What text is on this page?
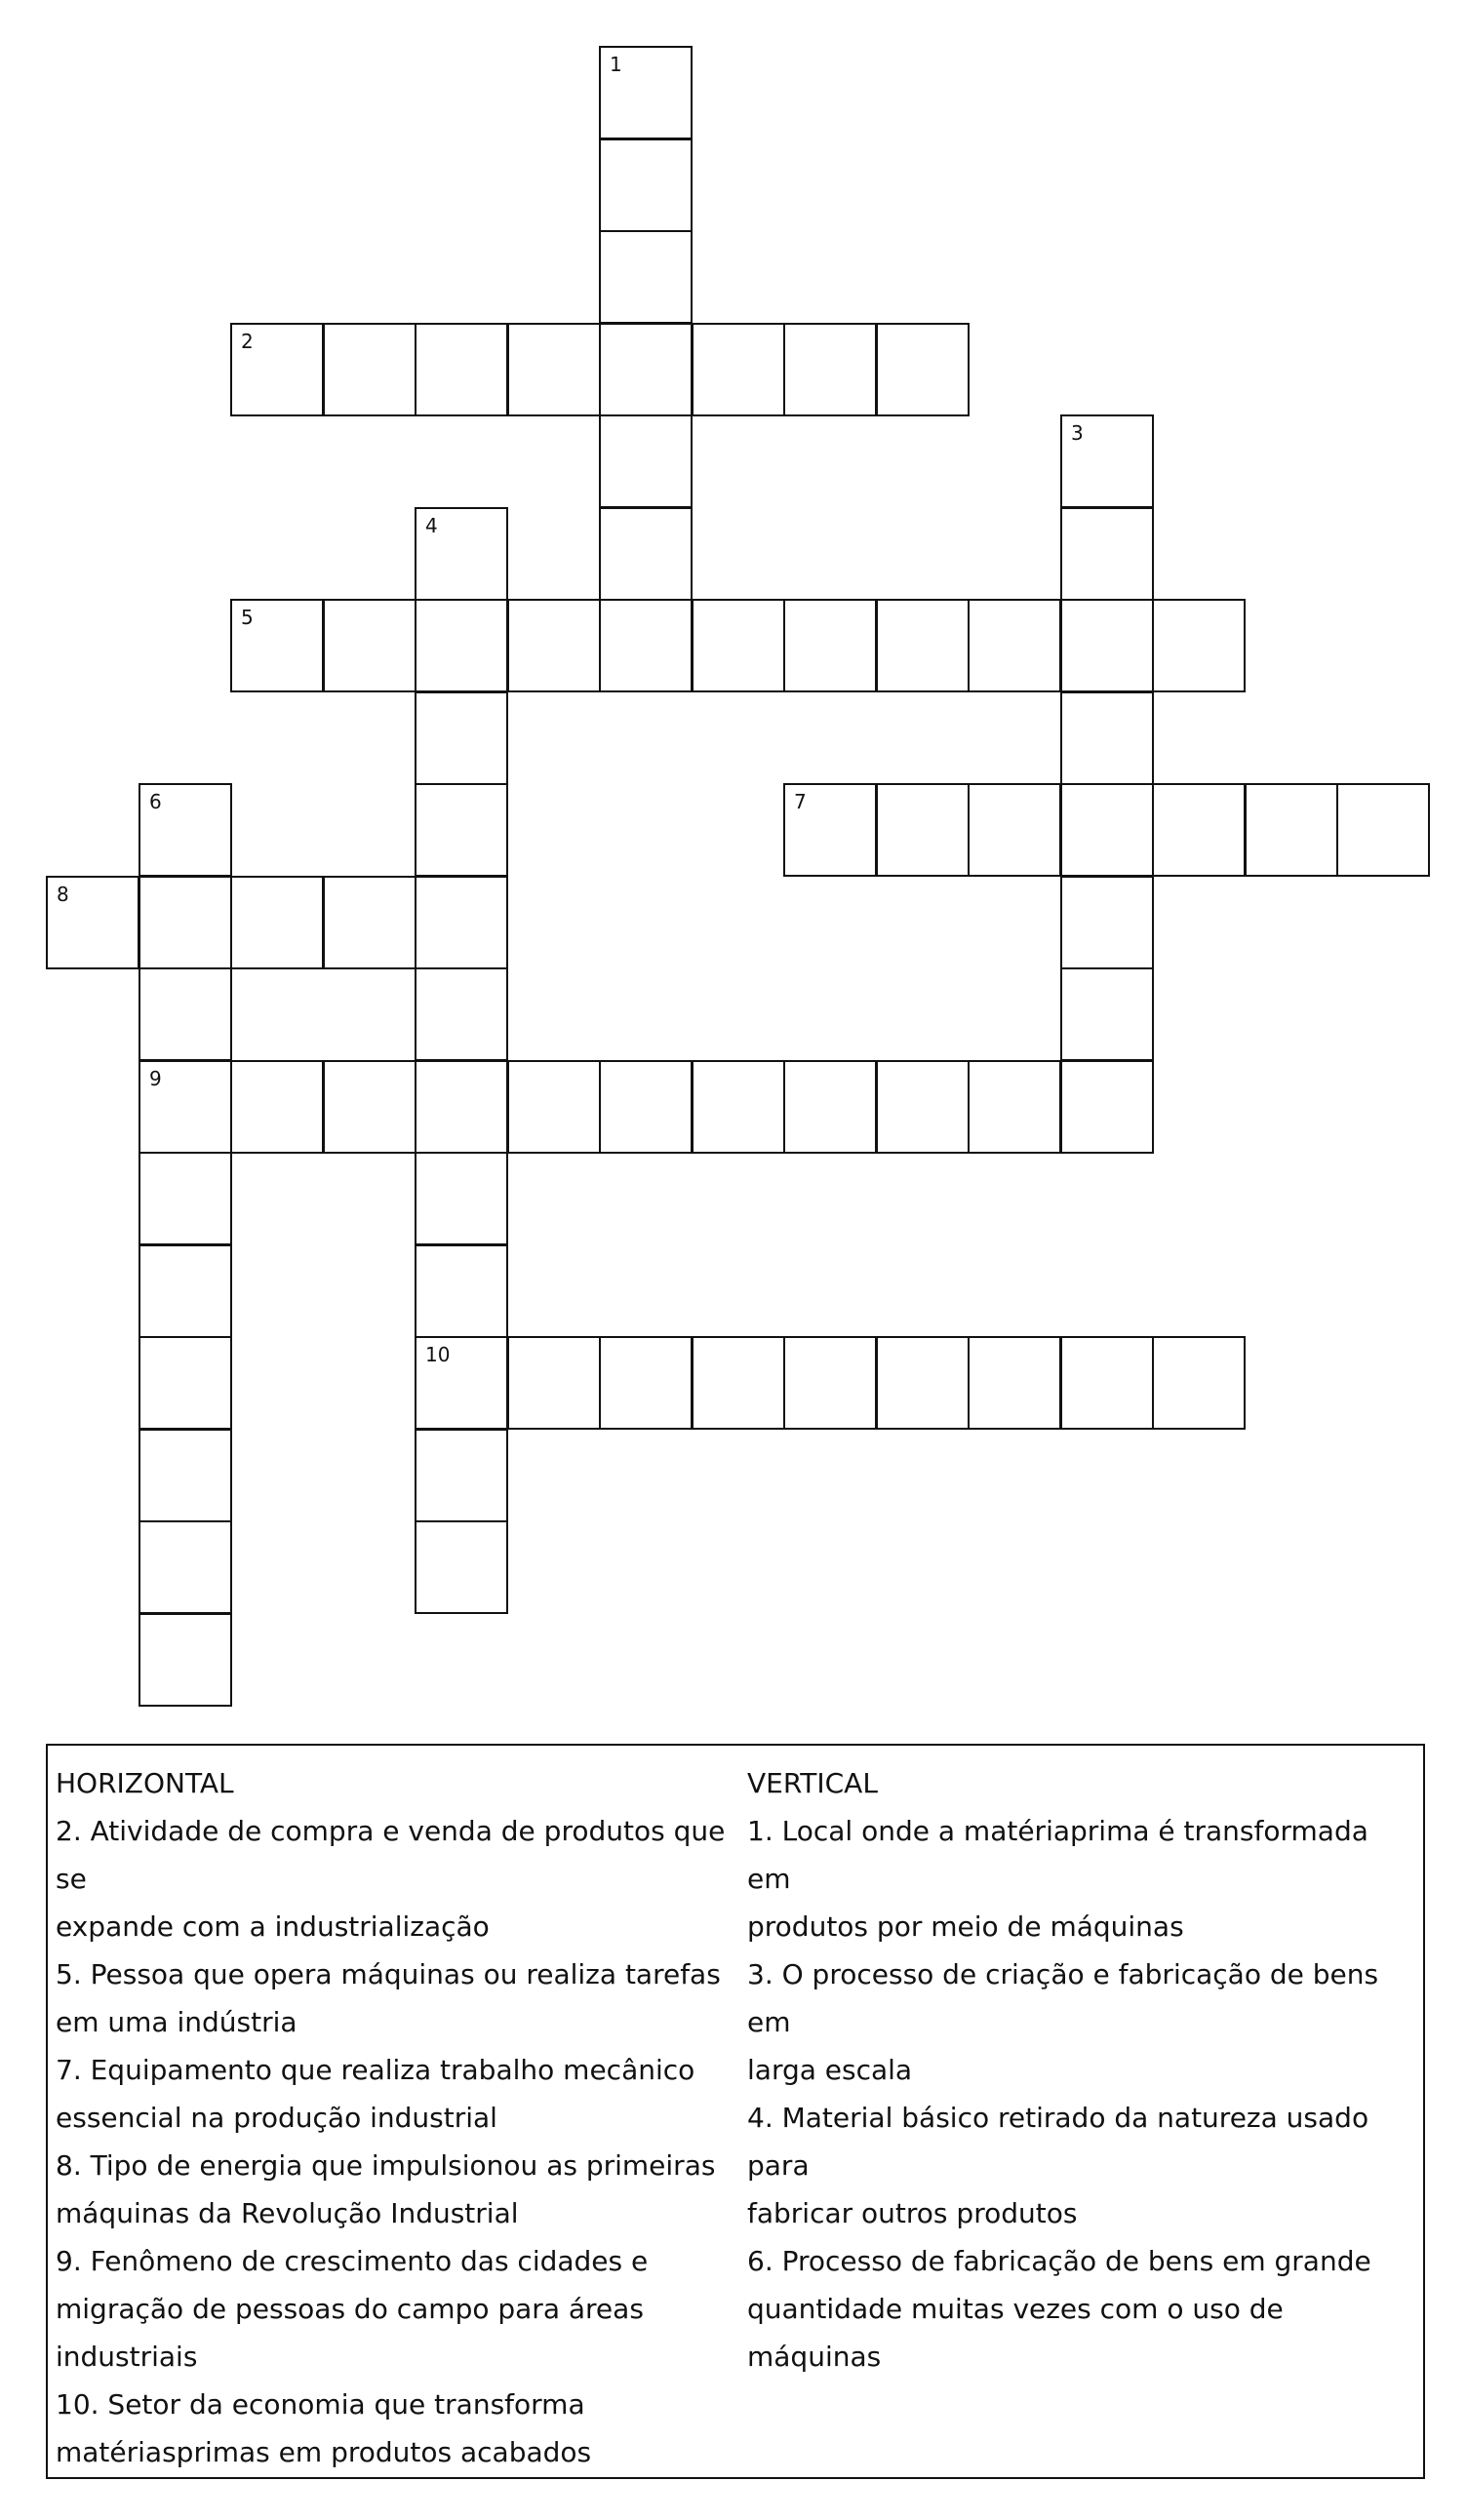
1
2
3
4
10
5
6
9
7
8

HORIZONTAL

2. Atividade de compra e venda de produtos que se
expande com a industrialização
5. Pessoa que opera máquinas ou realiza tarefas
em uma indústria
7. Equipamento que realiza trabalho mecânico
essencial na produção industrial
8. Tipo de energia que impulsionou as primeiras
máquinas da Revolução Industrial
9. Fenômeno de crescimento das cidades e
migração de pessoas do campo para áreas
industriais
10. Setor da economia que transforma
matériasprimas em produtos acabados

VERTICAL

1. Local onde a matériaprima é transformada em
produtos por meio de máquinas
3. O processo de criação e fabricação de bens em
larga escala
4. Material básico retirado da natureza usado para
fabricar outros produtos
6. Processo de fabricação de bens em grande
quantidade muitas vezes com o uso de máquinas
